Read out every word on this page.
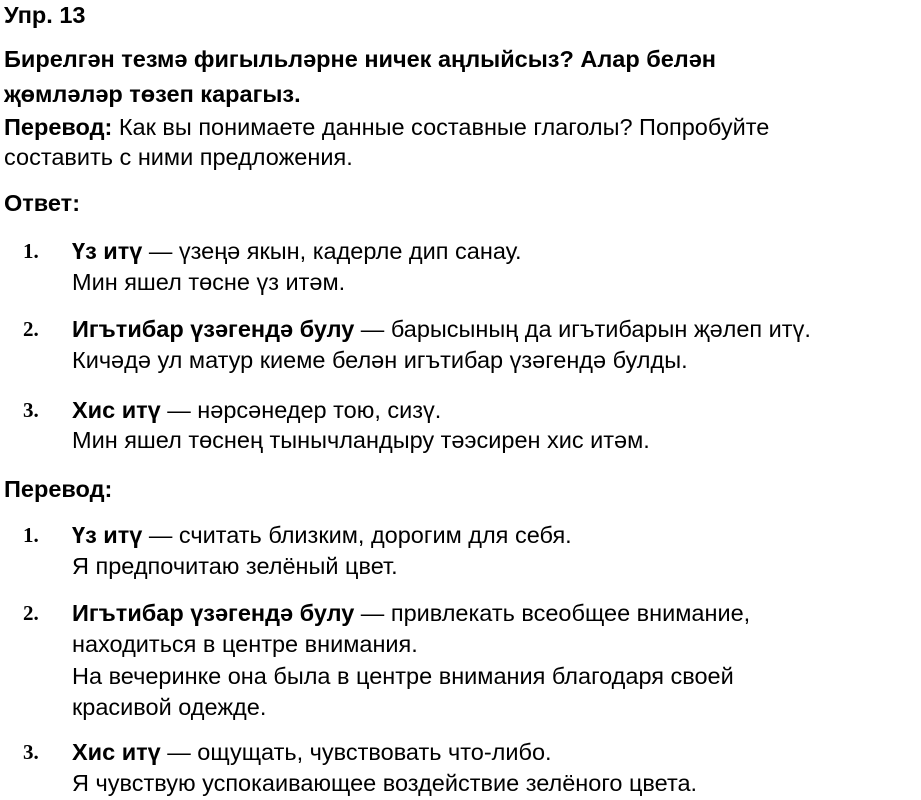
Упр. 13
Бирелгән тезмә фигыльләрне ничек аңлыйсыз? Алар белән
җөмләләр төзеп карагыз.
Перевод: Как вы понимаете данные составные глаголы? Попробуйте
составить с ними предложения.
Ответ:
1. Үз итү — үзеңә якын, кадерле дип санау.
Мин яшел төсне үз итәм.
2. Игътибар үзәгендә булу — барысының да игътибарын җәлеп итү.
Кичәдә ул матур киеме белән игътибар үзәгендә булды.
3. Хис итү — нәрсәнедер тою, сизү.
Мин яшел төснең тынычландыру тәэсирен хис итәм.
Перевод:
1. Үз итү — считать близким, дорогим для себя.
Я предпочитаю зелёный цвет.
2. Игътибар үзәгендә булу — привлекать всеобщее внимание,
находиться в центре внимания.
На вечеринке она была в центре внимания благодаря своей
красивой одежде.
3. Хис итү — ощущать, чувствовать что-либо.
Я чувствую успокаивающее воздействие зелёного цвета.
